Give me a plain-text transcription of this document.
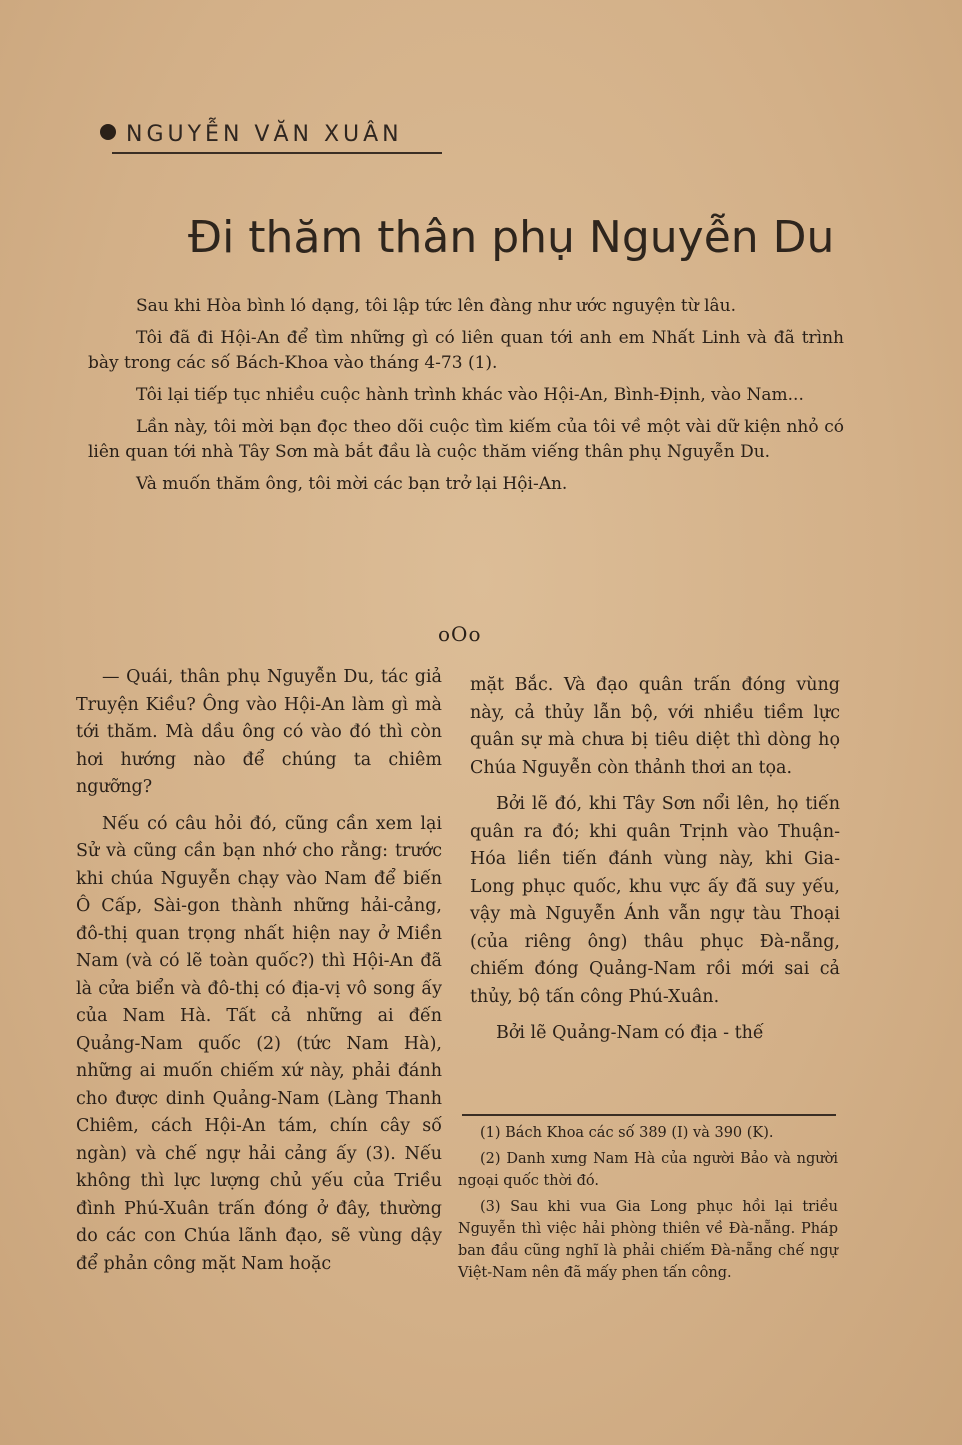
NGUYỄN VĂN XUÂN
Đi thăm thân phụ Nguyễn Du

Sau khi Hòa bình ló dạng, tôi lập tức lên đàng như ước nguyện từ lâu.

Tôi đã đi Hội-An để tìm những gì có liên quan tới anh em Nhất Linh và đã trình bày trong các số Bách-Khoa vào tháng 4-73 (1).

Tôi lại tiếp tục nhiều cuộc hành trình khác vào Hội-An, Bình-Định, vào Nam...

Lần này, tôi mời bạn đọc theo dõi cuộc tìm kiếm của tôi về một vài dữ kiện nhỏ có liên quan tới nhà Tây Sơn mà bắt đầu là cuộc thăm viếng thân phụ Nguyễn Du.

Và muốn thăm ông, tôi mời các bạn trở lại Hội-An.

oOo

— Quái, thân phụ Nguyễn Du, tác giả Truyện Kiều? Ông vào Hội-An làm gì mà tới thăm. Mà dầu ông có vào đó thì còn hơi hướng nào để chúng ta chiêm ngưỡng?

Nếu có câu hỏi đó, cũng cần xem lại Sử và cũng cần bạn nhớ cho rằng: trước khi chúa Nguyễn chạy vào Nam để biến Ô Cấp, Sài-gon thành những hải-cảng, đô-thị quan trọng nhất hiện nay ở Miền Nam (và có lẽ toàn quốc?) thì Hội-An đã là cửa biển và đô-thị có địa-vị vô song ấy của Nam Hà. Tất cả những ai đến Quảng-Nam quốc (2) (tức Nam Hà), những ai muốn chiếm xứ này, phải đánh cho được dinh Quảng-Nam (Làng Thanh Chiêm, cách Hội-An tám, chín cây số ngàn) và chế ngự hải cảng ấy (3). Nếu không thì lực lượng chủ yếu của Triều đình Phú-Xuân trấn đóng ở đây, thường do các con Chúa lãnh đạo, sẽ vùng dậy để phản công mặt Nam hoặc

mặt Bắc. Và đạo quân trấn đóng vùng này, cả thủy lẫn bộ, với nhiều tiềm lực quân sự mà chưa bị tiêu diệt thì dòng họ Chúa Nguyễn còn thảnh thơi an tọa.

Bởi lẽ đó, khi Tây Sơn nổi lên, họ tiến quân ra đó; khi quân Trịnh vào Thuận-Hóa liền tiến đánh vùng này, khi Gia-Long phục quốc, khu vực ấy đã suy yếu, vậy mà Nguyễn Ánh vẫn ngự tàu Thoại (của riêng ông) thâu phục Đà-nẵng, chiếm đóng Quảng-Nam rồi mới sai cả thủy, bộ tấn công Phú-Xuân.

Bởi lẽ Quảng-Nam có địa - thế

(1) Bách Khoa các số 389 (I) và 390 (K).

(2) Danh xưng Nam Hà của người Bảo và người ngoại quốc thời đó.

(3) Sau khi vua Gia Long phục hồi lại triều Nguyễn thì việc hải phòng thiên về Đà-nẵng. Pháp ban đầu cũng nghĩ là phải chiếm Đà-nẵng chế ngự Việt-Nam nên đã mấy phen tấn công.
